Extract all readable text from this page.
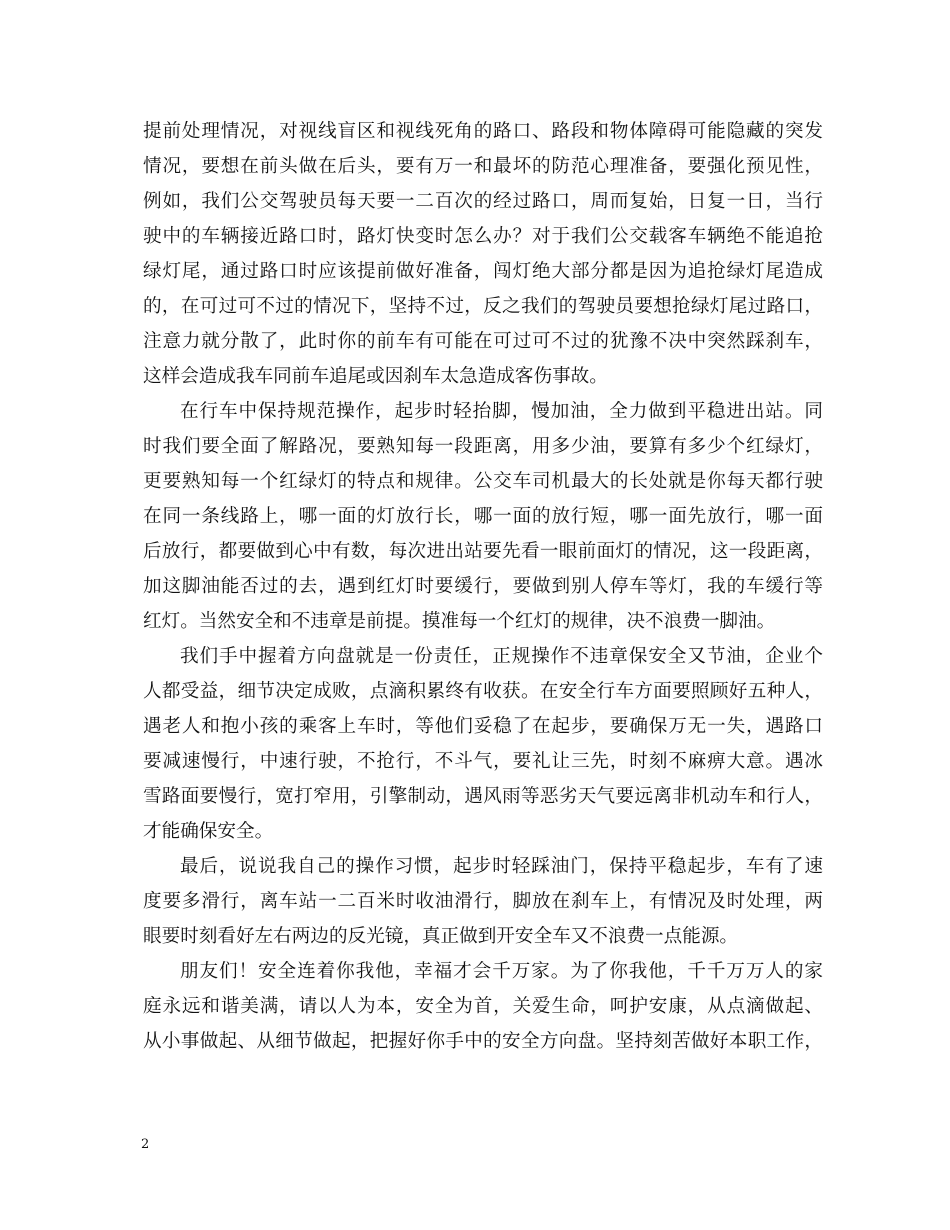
提前处理情况，对视线盲区和视线死角的路口、路段和物体障碍可能隐藏的突发
情况，要想在前头做在后头，要有万一和最坏的防范心理准备，要强化预见性，
例如，我们公交驾驶员每天要一二百次的经过路口，周而复始，日复一日，当行
驶中的车辆接近路口时，路灯快变时怎么办？对于我们公交载客车辆绝不能追抢
绿灯尾，通过路口时应该提前做好准备，闯灯绝大部分都是因为追抢绿灯尾造成
的，在可过可不过的情况下，坚持不过，反之我们的驾驶员要想抢绿灯尾过路口，
注意力就分散了，此时你的前车有可能在可过可不过的犹豫不决中突然踩刹车，
这样会造成我车同前车追尾或因刹车太急造成客伤事故。
在行车中保持规范操作，起步时轻抬脚，慢加油，全力做到平稳进出站。同
时我们要全面了解路况，要熟知每一段距离，用多少油，要算有多少个红绿灯，
更要熟知每一个红绿灯的特点和规律。公交车司机最大的长处就是你每天都行驶
在同一条线路上，哪一面的灯放行长，哪一面的放行短，哪一面先放行，哪一面
后放行，都要做到心中有数，每次进出站要先看一眼前面灯的情况，这一段距离，
加这脚油能否过的去，遇到红灯时要缓行，要做到别人停车等灯，我的车缓行等
红灯。当然安全和不违章是前提。摸准每一个红灯的规律，决不浪费一脚油。
我们手中握着方向盘就是一份责任，正规操作不违章保安全又节油，企业个
人都受益，细节决定成败，点滴积累终有收获。在安全行车方面要照顾好五种人，
遇老人和抱小孩的乘客上车时，等他们妥稳了在起步，要确保万无一失，遇路口
要减速慢行，中速行驶，不抢行，不斗气，要礼让三先，时刻不麻痹大意。遇冰
雪路面要慢行，宽打窄用，引擎制动，遇风雨等恶劣天气要远离非机动车和行人，
才能确保安全。
最后，说说我自己的操作习惯，起步时轻踩油门，保持平稳起步，车有了速
度要多滑行，离车站一二百米时收油滑行，脚放在刹车上，有情况及时处理，两
眼要时刻看好左右两边的反光镜，真正做到开安全车又不浪费一点能源。
朋友们！安全连着你我他，幸福才会千万家。为了你我他，千千万万人的家
庭永远和谐美满，请以人为本，安全为首，关爱生命，呵护安康，从点滴做起、
从小事做起、从细节做起，把握好你手中的安全方向盘。坚持刻苦做好本职工作，
2
